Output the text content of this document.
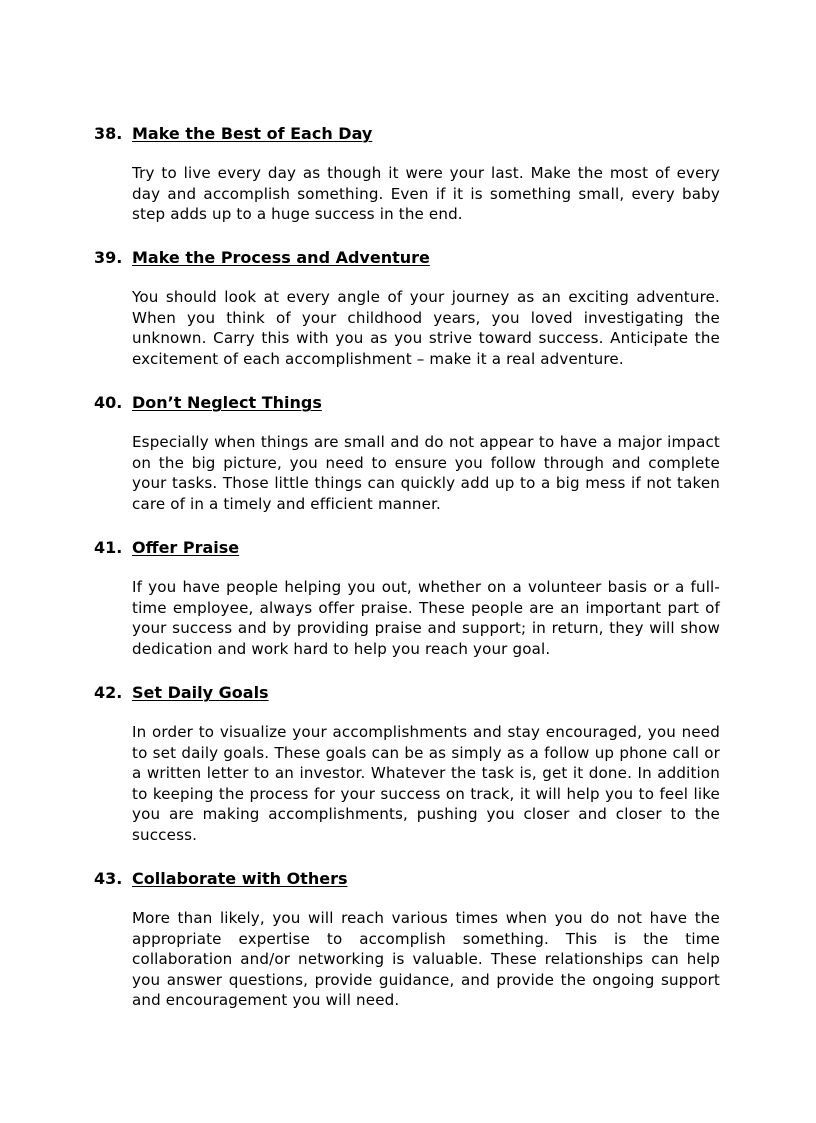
38. Make the Best of Each Day
Try to live every day as though it were your last. Make the most of every day and accomplish something. Even if it is something small, every baby step adds up to a huge success in the end.
39. Make the Process and Adventure
You should look at every angle of your journey as an exciting adventure. When you think of your childhood years, you loved investigating the unknown. Carry this with you as you strive toward success. Anticipate the excitement of each accomplishment – make it a real adventure.
40. Don’t Neglect Things
Especially when things are small and do not appear to have a major impact on the big picture, you need to ensure you follow through and complete your tasks. Those little things can quickly add up to a big mess if not taken care of in a timely and efficient manner.
41. Offer Praise
If you have people helping you out, whether on a volunteer basis or a full-time employee, always offer praise. These people are an important part of your success and by providing praise and support; in return, they will show dedication and work hard to help you reach your goal.
42. Set Daily Goals
In order to visualize your accomplishments and stay encouraged, you need to set daily goals. These goals can be as simply as a follow up phone call or a written letter to an investor. Whatever the task is, get it done. In addition to keeping the process for your success on track, it will help you to feel like you are making accomplishments, pushing you closer and closer to the success.
43. Collaborate with Others
More than likely, you will reach various times when you do not have the appropriate expertise to accomplish something. This is the time collaboration and/or networking is valuable. These relationships can help you answer questions, provide guidance, and provide the ongoing support and encouragement you will need.
